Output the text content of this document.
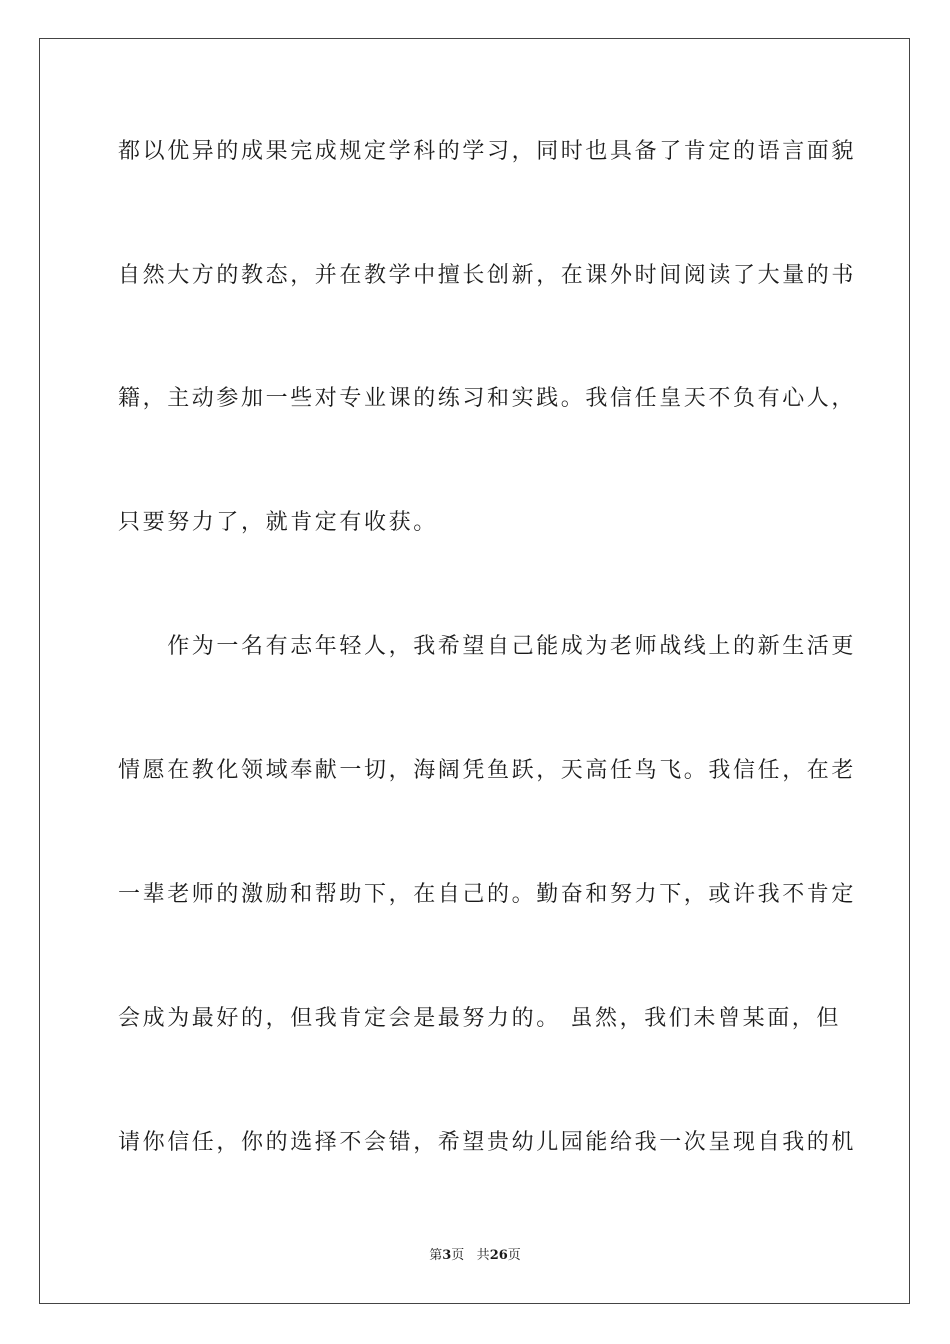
都以优异的成果完成规定学科的学习，同时也具备了肯定的语言面貌
自然大方的教态，并在教学中擅长创新，在课外时间阅读了大量的书
籍，主动参加一些对专业课的练习和实践。我信任皇天不负有心人，
只要努力了，就肯定有收获。
　　作为一名有志年轻人，我希望自己能成为老师战线上的新生活更
情愿在教化领域奉献一切，海阔凭鱼跃，天高任鸟飞。我信任，在老
一辈老师的激励和帮助下，在自己的。勤奋和努力下，或许我不肯定
会成为最好的，但我肯定会是最努力的。 虽然，我们未曾某面，但
请你信任，你的选择不会错，希望贵幼儿园能给我一次呈现自我的机
第3页 共26页
